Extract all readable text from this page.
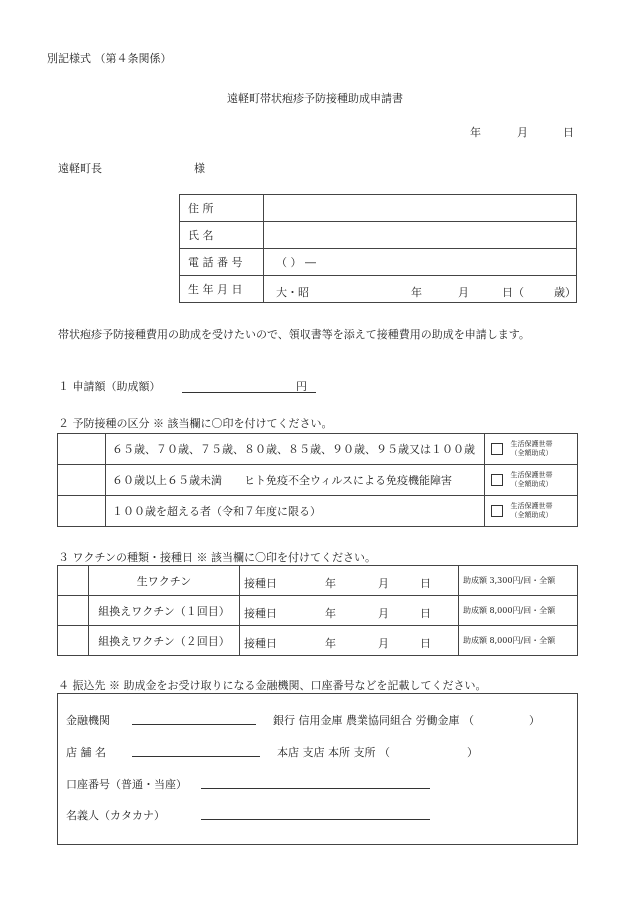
別記様式 （第４条関係）
遠軽町帯状疱疹予防接種助成申請書
年	月	日
遠軽町長	様
住 所	
氏 名	
電 話 番 号	（ ） ―
生 年 月 日	大・昭 年 月 日（ 歳）
帯状疱疹予防接種費用の助成を受けたいので、領収書等を添えて接種費用の助成を申請します。
１ 申請額（助成額）	円
２ 予防接種の区分 ※ 該当欄に〇印を付けてください。
	６５歳、７０歳、７５歳、８０歳、８５歳、９０歳、９５歳又は１００歳	生活保護世帯
（全額助成）

	６０歳以上６５歳未満　　ヒト免疫不全ウィルスによる免疫機能障害	生活保護世帯
（全額助成）

	１００歳を超える者（令和７年度に限る）	生活保護世帯
（全額助成）
３ ワクチンの種類・接種日 ※ 該当欄に〇印を付けてください。
	生ワクチン	接種日 年 月 日	助成額 3,300円/回・全額
	組換えワクチン（１回目）	接種日 年 月 日	助成額 8,000円/回・全額
	組換えワクチン（２回目）	接種日 年 月 日	助成額 8,000円/回・全額
４ 振込先 ※ 助成金をお受け取りになる金融機関、口座番号などを記載してください。
金融機関	銀行 信用金庫 農業協同組合 労働金庫 （　　　　　）
店 舗 名	本店 支店 本所 支所 （　　　　　　　）
口座番号（普通・当座）
名義人（カタカナ）
